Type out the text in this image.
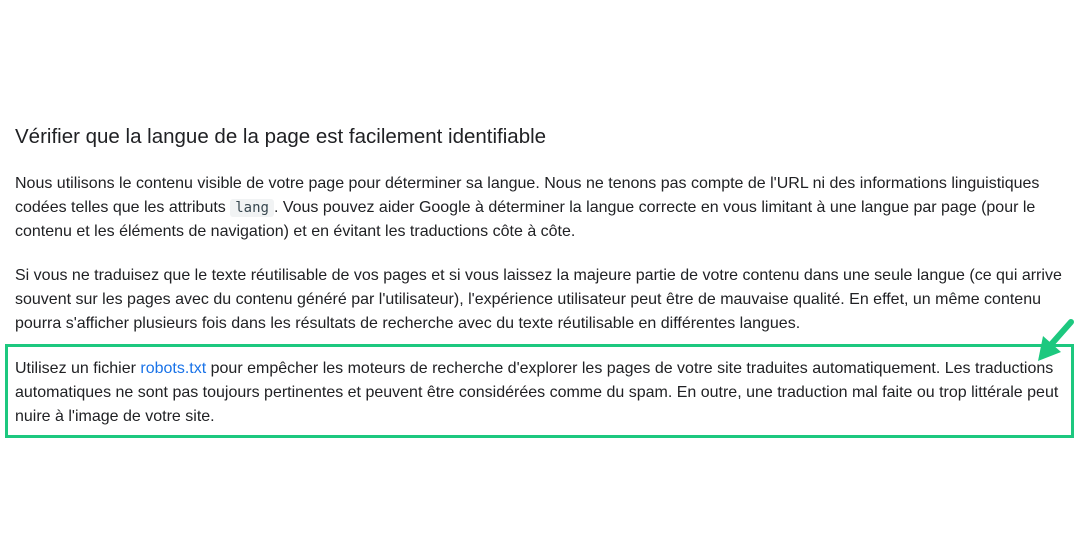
Vérifier que la langue de la page est facilement identifiable

Nous utilisons le contenu visible de votre page pour déterminer sa langue. Nous ne tenons pas compte de l'URL ni des informations linguistiques codées telles que les attributs lang . Vous pouvez aider Google à déterminer la langue correcte en vous limitant à une langue par page (pour le contenu et les éléments de navigation) et en évitant les traductions côte à côte.

Si vous ne traduisez que le texte réutilisable de vos pages et si vous laissez la majeure partie de votre contenu dans une seule langue (ce qui arrive souvent sur les pages avec du contenu généré par l'utilisateur), l'expérience utilisateur peut être de mauvaise qualité. En effet, un même contenu pourra s'afficher plusieurs fois dans les résultats de recherche avec du texte réutilisable en différentes langues.

Utilisez un fichier robots.txt pour empêcher les moteurs de recherche d'explorer les pages de votre site traduites automatiquement. Les traductions automatiques ne sont pas toujours pertinentes et peuvent être considérées comme du spam. En outre, une traduction mal faite ou trop littérale peut nuire à l'image de votre site.
